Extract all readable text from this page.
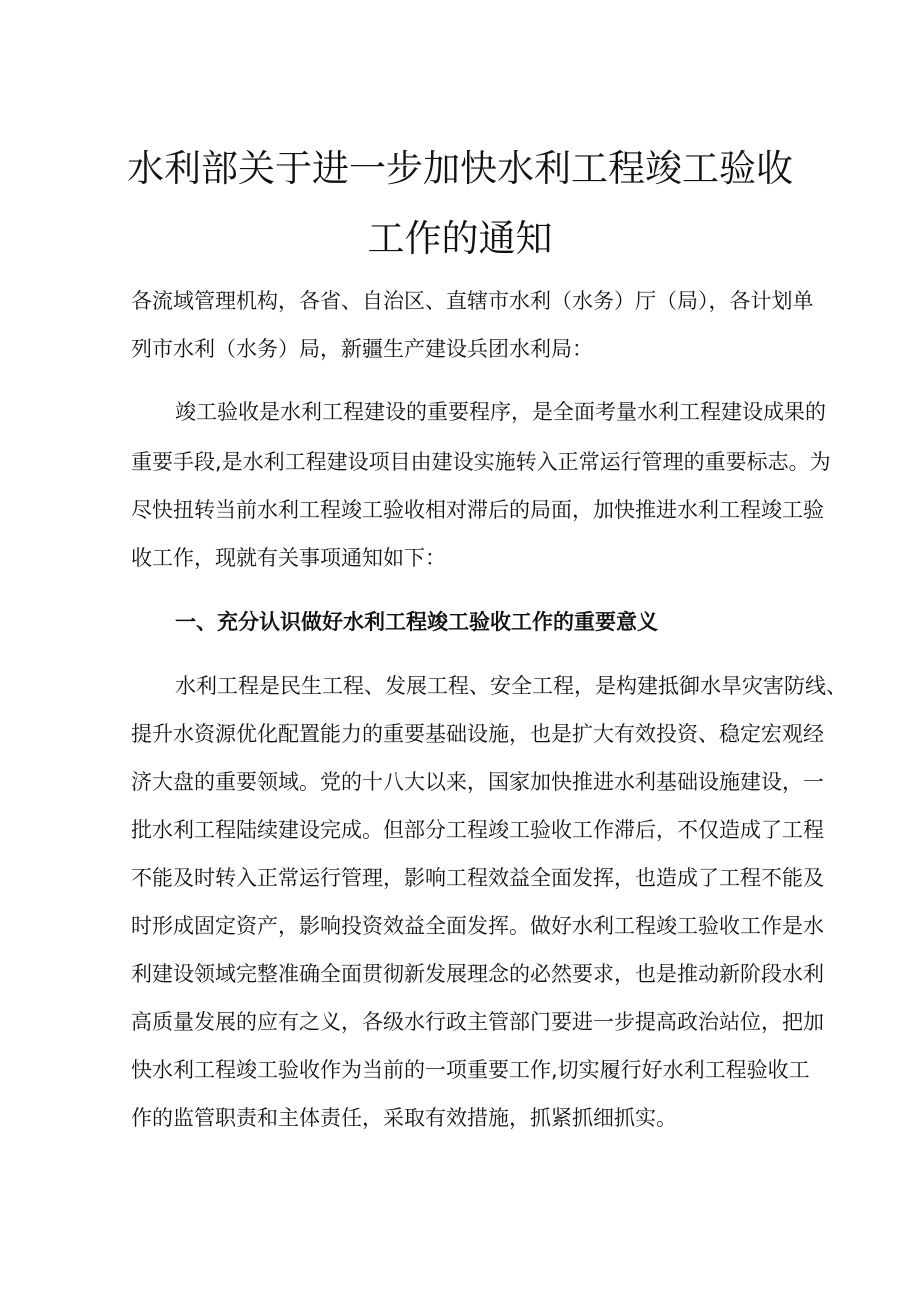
水利部关于进一步加快水利工程竣工验收
工作的通知

各流域管理机构，各省、自治区、直辖市水利（水务）厅（局），各计划单

列市水利（水务）局，新疆生产建设兵团水利局：

竣工验收是水利工程建设的重要程序，是全面考量水利工程建设成果的

重要手段,是水利工程建设项目由建设实施转入正常运行管理的重要标志。为

尽快扭转当前水利工程竣工验收相对滞后的局面，加快推进水利工程竣工验

收工作，现就有关事项通知如下：

一、充分认识做好水利工程竣工验收工作的重要意义

水利工程是民生工程、发展工程、安全工程，是构建抵御水旱灾害防线、

提升水资源优化配置能力的重要基础设施，也是扩大有效投资、稳定宏观经

济大盘的重要领域。党的十八大以来，国家加快推进水利基础设施建设，一

批水利工程陆续建设完成。但部分工程竣工验收工作滞后，不仅造成了工程

不能及时转入正常运行管理，影响工程效益全面发挥，也造成了工程不能及

时形成固定资产，影响投资效益全面发挥。做好水利工程竣工验收工作是水

利建设领域完整准确全面贯彻新发展理念的必然要求，也是推动新阶段水利

高质量发展的应有之义，各级水行政主管部门要进一步提高政治站位，把加

快水利工程竣工验收作为当前的一项重要工作,切实履行好水利工程验收工

作的监管职责和主体责任，采取有效措施，抓紧抓细抓实。
